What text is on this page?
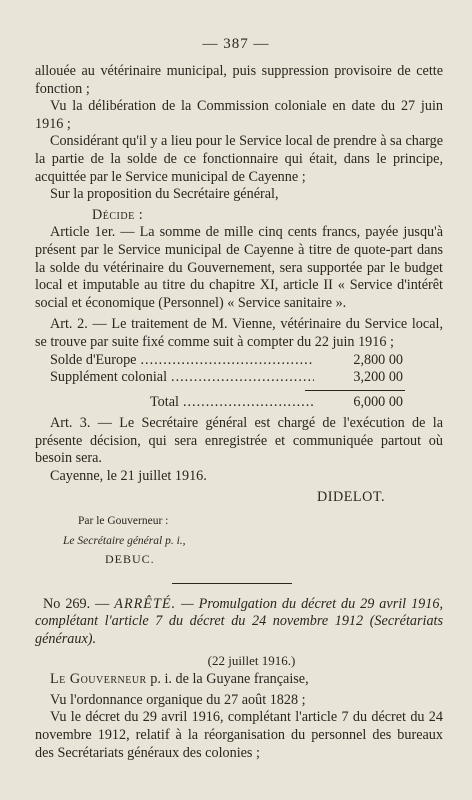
— 387 —

allouée au vétérinaire municipal, puis suppression provisoire de cette fonction ;

Vu la délibération de la Commission coloniale en date du 27 juin 1916 ;

Considérant qu'il y a lieu pour le Service local de prendre à sa charge la partie de la solde de ce fonctionnaire qui était, dans le principe, acquittée par le Service municipal de Cayenne ;

Sur la proposition du Secrétaire général,

Décide :

Article 1er. — La somme de mille cinq cents francs, payée jusqu'à présent par le Service municipal de Cayenne à titre de quote-part dans la solde du vétérinaire du Gouvernement, sera supportée par le budget local et imputable au titre du chapitre XI, article II « Service d'intérêt social et économique (Personnel) « Service sanitaire ».

Art. 2. — Le traitement de M. Vienne, vétérinaire du Service local, se trouve par suite fixé comme suit à compter du 22 juin 1916 ;

Solde d'Europe .....	2,800 00
Supplément colonial .....	3,200 00
Total .....	6,000 00

Art. 3. — Le Secrétaire général est chargé de l'exécution de la présente décision, qui sera enregistrée et communiquée partout où besoin sera.

Cayenne, le 21 juillet 1916.

DIDELOT.
Par le Gouverneur :
Le Secrétaire général p. i.,
DEBUC.

No 269. — ARRÊTÉ. — Promulgation du décret du 29 avril 1916, complétant l'article 7 du décret du 24 novembre 1912 (Secrétariats généraux).

(22 juillet 1916.)

Le Gouverneur p. i. de la Guyane française,

Vu l'ordonnance organique du 27 août 1828 ;

Vu le décret du 29 avril 1916, complétant l'article 7 du décret du 24 novembre 1912, relatif à la réorganisation du personnel des bureaux des Secrétariats généraux des colonies ;
